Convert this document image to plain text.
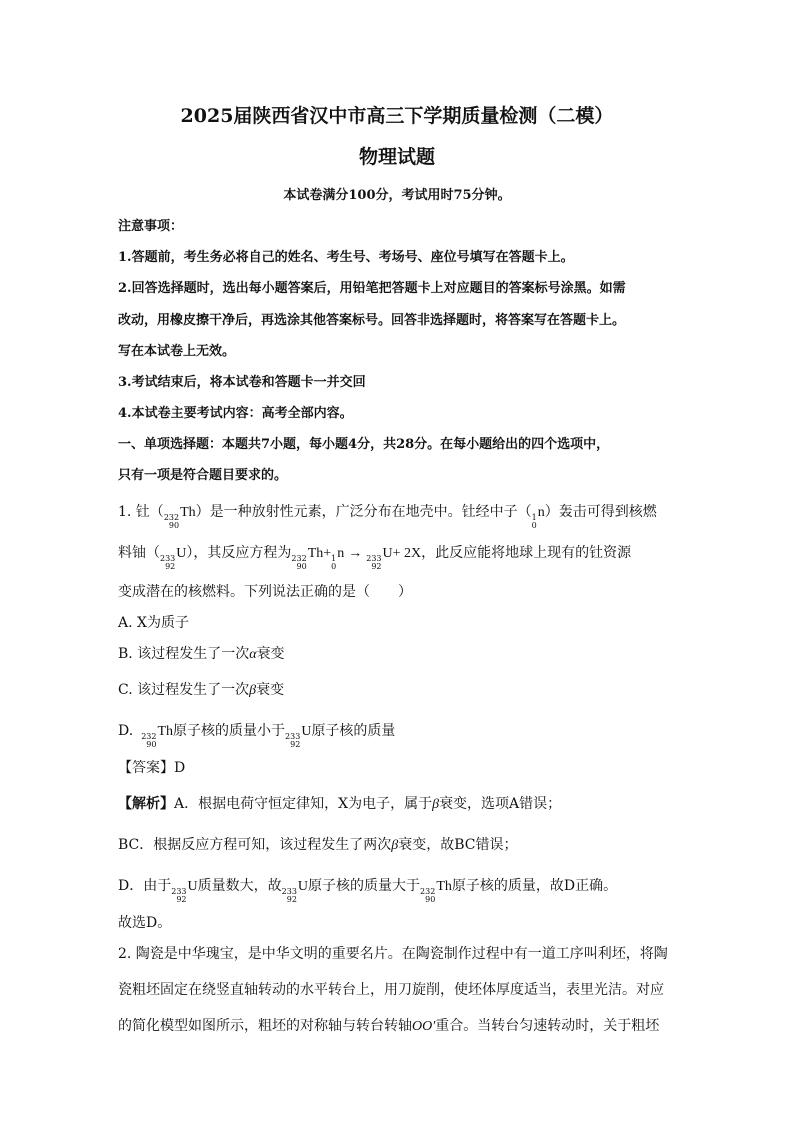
2025届陕西省汉中市高三下学期质量检测（二模）
物理试题
本试卷满分100分，考试用时75分钟。
注意事项：
1.答题前，考生务必将自己的姓名、考生号、考场号、座位号填写在答题卡上。
2.回答选择题时，选出每小题答案后，用铅笔把答题卡上对应题目的答案标号涂黑。如需
改动，用橡皮擦干净后，再选涂其他答案标号。回答非选择题时，将答案写在答题卡上。
写在本试卷上无效。
3.考试结束后，将本试卷和答题卡一并交回
4.本试卷主要考试内容：高考全部内容。
一、单项选择题：本题共7小题，每小题4分，共28分。在每小题给出的四个选项中，
只有一项是符合题目要求的。
1. 钍（ 232
90
Th ）是一种放射性元素，广泛分布在地壳中。钍经中子（ 1
0
n ）轰击可得到核燃
料铀（ 233
92
U ），其反应方程为 232
90
Th + 1
0
n → 233
92
U + 2X，此反应能将地球上现有的钍资源
变成潜在的核燃料。下列说法正确的是（　　）
A. X为质子
B. 该过程发生了一次α衰变
C. 该过程发生了一次β衰变
D. 232
90
Th 原子核的质量小于 233
92
U 原子核的质量
【答案】D
【解析】A．根据电荷守恒定律知，X为电子，属于β衰变，选项A错误；
BC．根据反应方程可知，该过程发生了两次β衰变，故BC错误；
D．由于 233
92
U 质量数大，故 233
92
U 原子核的质量大于 232
90
Th 原子核的质量，故D正确。
故选D。
2. 陶瓷是中华瑰宝，是中华文明的重要名片。在陶瓷制作过程中有一道工序叫利坯，将陶
瓷粗坯固定在绕竖直轴转动的水平转台上，用刀旋削，使坯体厚度适当，表里光洁。对应
的简化模型如图所示，粗坯的对称轴与转台转轴OO′重合。当转台匀速转动时，关于粗坯
